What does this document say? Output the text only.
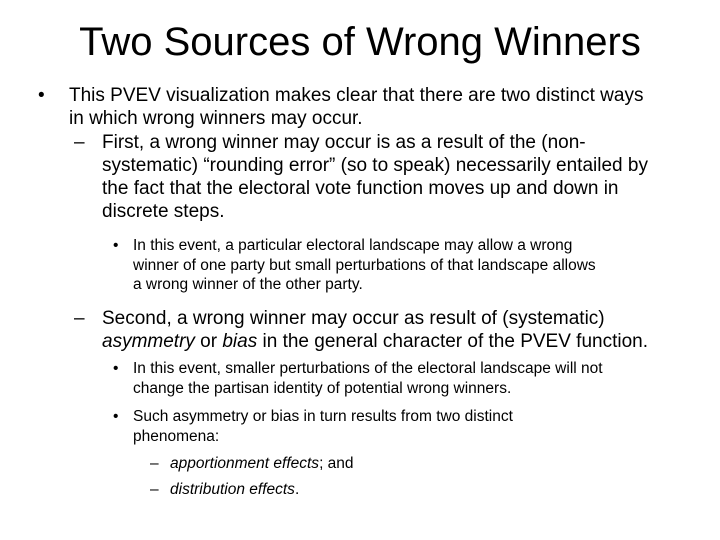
Two Sources of Wrong Winners
• This PVEV visualization makes clear that there are two distinct ways
in which wrong winners may occur.
– First, a wrong winner may occur is as a result of the (non-
systematic) “rounding error” (so to speak) necessarily entailed by
the fact that the electoral vote function moves up and down in
discrete steps.
• In this event, a particular electoral landscape may allow a wrong
winner of one party but small perturbations of that landscape allows
a wrong winner of the other party.
– Second, a wrong winner may occur as result of (systematic)
asymmetry or bias in the general character of the PVEV function.
• In this event, smaller perturbations of the electoral landscape will not
change the partisan identity of potential wrong winners.
• Such asymmetry or bias in turn results from two distinct
phenomena:
– apportionment effects; and
– distribution effects.
